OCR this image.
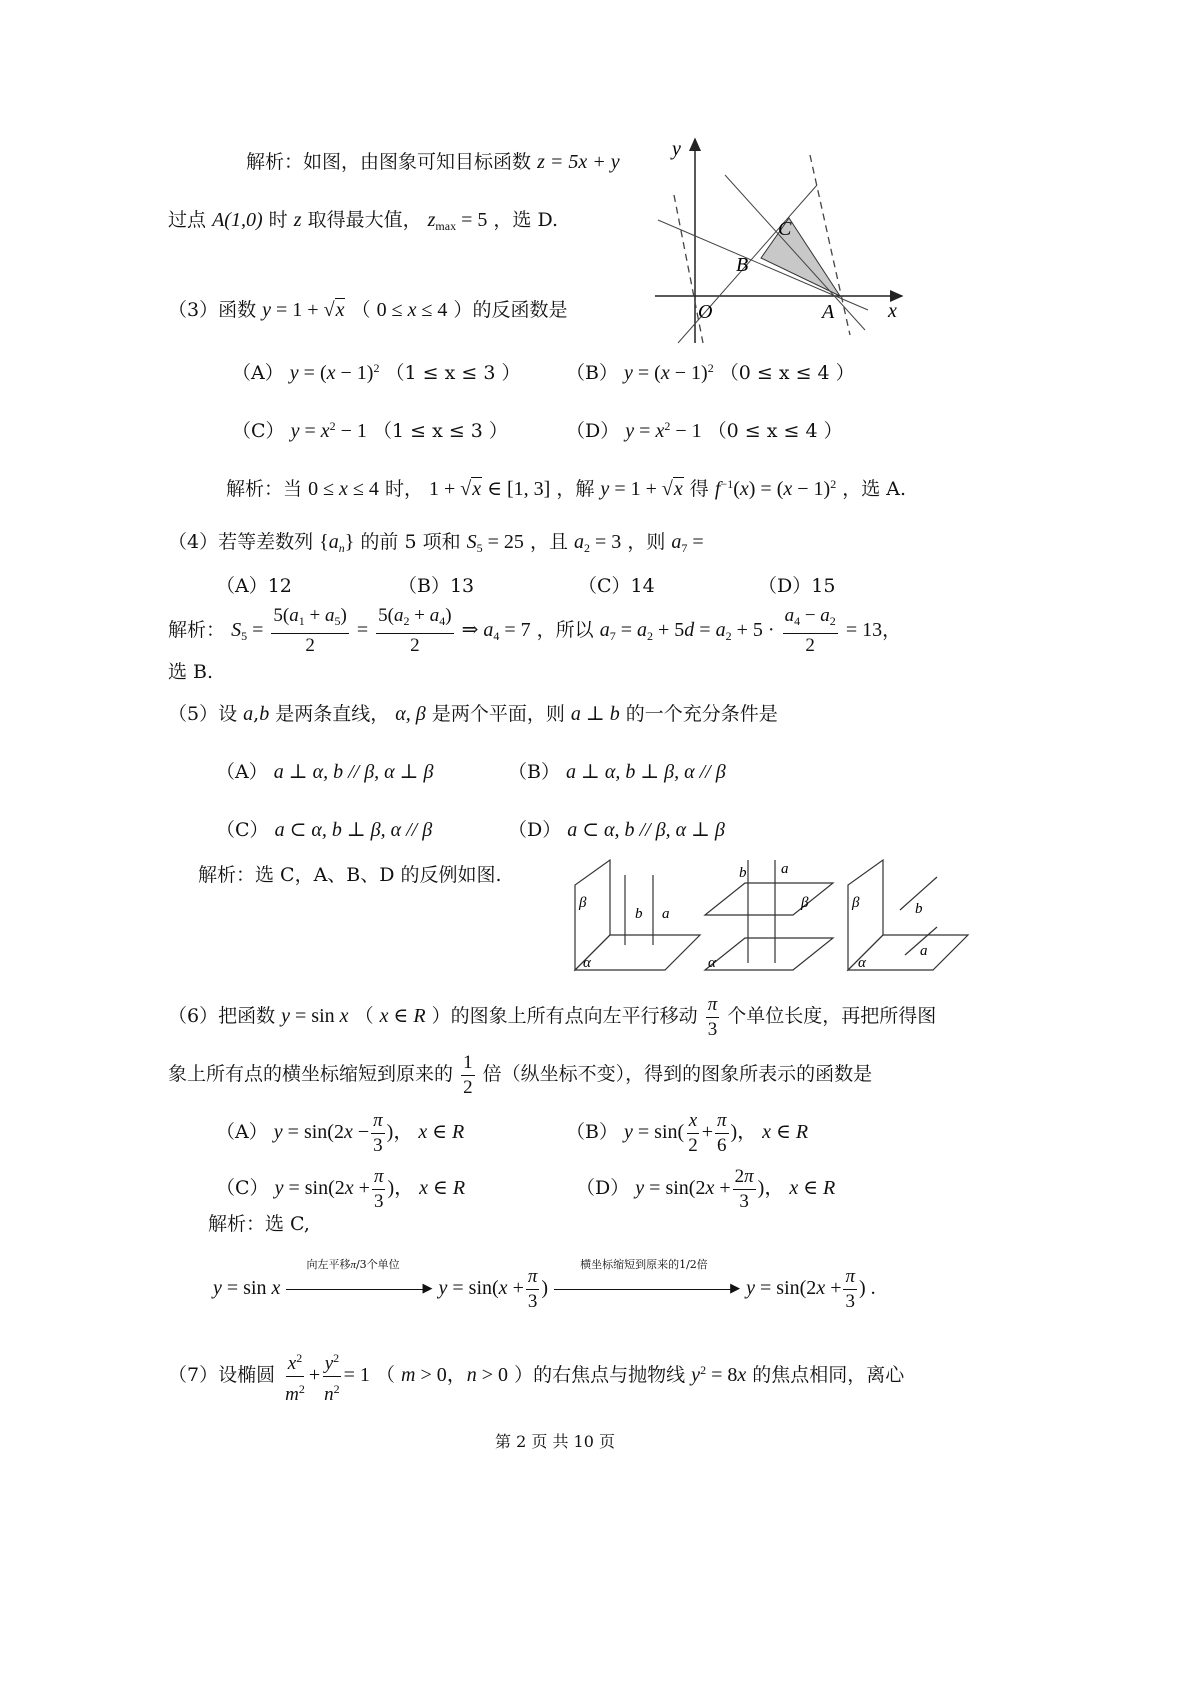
解析：如图，由图象可知目标函数 z = 5x + y
过点 A(1,0) 时 z 取得最大值， $z_{max} = 5$ ，选 D.
y
x
O	A
B
C
（3）函数 y = 1 + √x （ 0 ≤ x ≤ 4 ）的反函数是
（A） $y = (x - 1)^2$ （1 ≤ x ≤ 3 ） （B） $y = (x - 1)^2$ （0 ≤ x ≤ 4 ）
（C） $y = x^2 - 1$ （1 ≤ x ≤ 3 ）	（D） $y = x^2 - 1$ （0 ≤ x ≤ 4 ）
解析：当 0 ≤ x ≤ 4 时， 1 + √x ∈ [1, 3] ，解 y = 1 + √x 得 $f^{-1}(x) = (x - 1)^2$ ，选 A.
（4）若等差数列 $\{a_n\}$ 的前 5 项和 $S_5 = 25$ ，且 $a_2 = 3$ ，则 $a_7$ =
（A）12	（B）13	（C）14	（D）15
解析： $S_5 = \frac{5(a_1 + a_5)}{2} = \frac{5(a_2 + a_4)}{2}$ ⇒ $a_4 = 7$ ，所以 $a_7 = a_2 + 5d = a_2 + 5 \cdot \frac{a_4 - a_2}{2} = 13$，
选 B.
（5）设 a,b 是两条直线， α, β 是两个平面，则 a ⊥ b 的一个充分条件是
（A） a ⊥ α, b // β, α ⊥ β	（B） a ⊥ α, b ⊥ β, α // β
（C） a ⊂ α, b ⊥ β, α // β	（D） a ⊂ α, b // β, α ⊥ β
解析：选 C，A、B、D 的反例如图.
β
b a
α
b a
β
α
β	b
a
α
（6）把函数 y = sin x （ x ∈ R ）的图象上所有点向左平行移动 $\frac{\pi}{3}$ 个单位长度，再把所得图
象上所有点的横坐标缩短到原来的 $\frac{1}{2}$ 倍（纵坐标不变），得到的图象所表示的函数是
（A） $y = \sin(2x - \frac{\pi}{3}$ )， x ∈ R	（B） $y = \sin( \frac{x}{2} + \frac{\pi}{6}$ )， x ∈ R
（C） $y = \sin(2x + \frac{\pi}{3}$ )， x ∈ R	（D） $y = \sin(2x + \frac{2\pi}{3}$ )， x ∈ R
解析：选 C,
y = sin x
向左平移π/3个单位
▶ $y = \sin(x + \frac{\pi}{3}$ )
横坐标缩短到原来的1/2倍
▶ $y = \sin(2x + \frac{\pi}{3}$ ) .
（7）设椭圆 $\frac{x^2}{m^2} + \frac{y^2}{n^2} = 1$ （ m > 0，n > 0 ）的右焦点与抛物线 $y^2 = 8x$ 的焦点相同，离心
第 2 页 共 10 页
